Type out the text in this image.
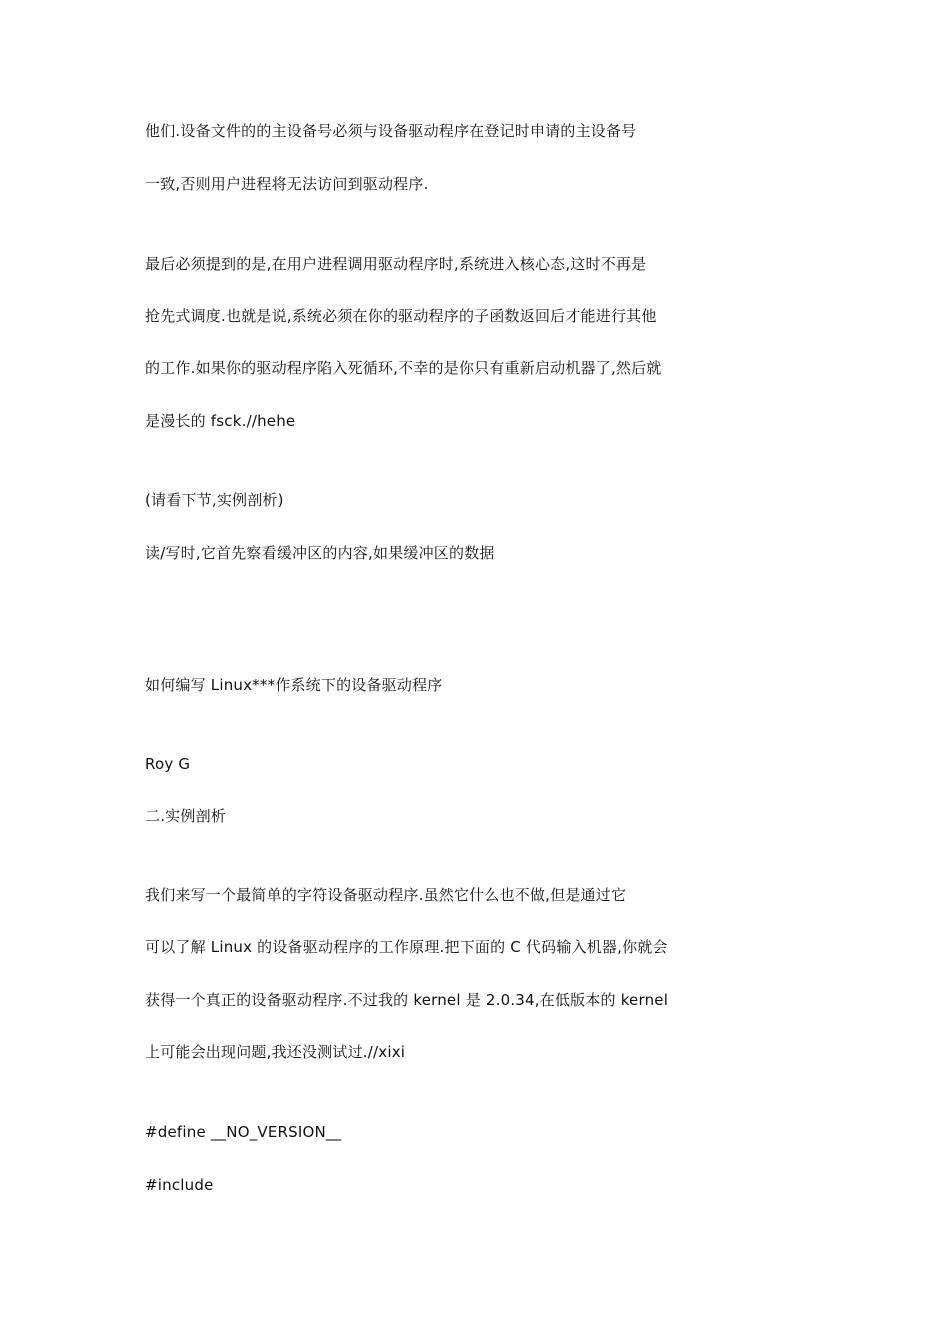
他们.设备文件的的主设备号必须与设备驱动程序在登记时申请的主设备号
一致,否则用户进程将无法访问到驱动程序.
最后必须提到的是,在用户进程调用驱动程序时,系统进入核心态,这时不再是
抢先式调度.也就是说,系统必须在你的驱动程序的子函数返回后才能进行其他
的工作.如果你的驱动程序陷入死循环,不幸的是你只有重新启动机器了,然后就
是漫长的 fsck.//hehe
(请看下节,实例剖析)
读/写时,它首先察看缓冲区的内容,如果缓冲区的数据
如何编写 Linux***作系统下的设备驱动程序
Roy G
二.实例剖析
我们来写一个最简单的字符设备驱动程序.虽然它什么也不做,但是通过它
可以了解 Linux 的设备驱动程序的工作原理.把下面的 C 代码输入机器,你就会
获得一个真正的设备驱动程序.不过我的 kernel 是 2.0.34,在低版本的 kernel
上可能会出现问题,我还没测试过.//xixi
#define __NO_VERSION__
#include
